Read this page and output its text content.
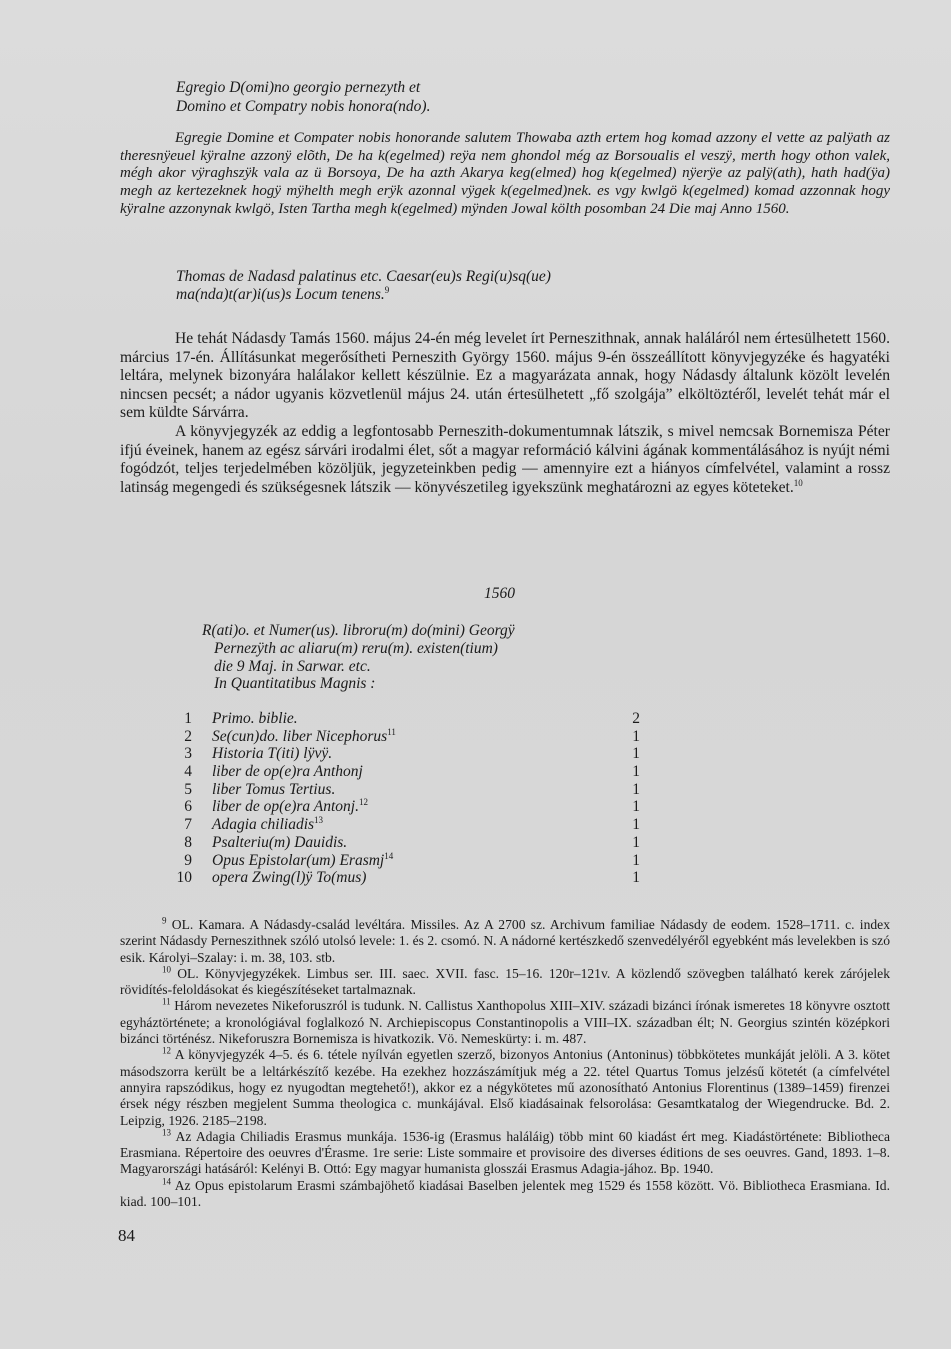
Egregio D(omi)no georgio pernezyth et
Domino et Compatry nobis honora(ndo).

Egregie Domine et Compater nobis honorande salutem Thowaba azth ertem hog komad azzony el vette az palÿath az theresnÿeuel kÿralne azzonÿ elõth, De ha k(egelmed) reÿa nem ghondol még az Borsoualis el veszÿ, merth hogy othon valek, mégh akor vÿraghszÿk vala az ü Borsoya, De ha azth Akarya keg(elmed) hog k(egelmed) nÿerÿe az palÿ(ath), hath had(ÿa) megh az kertezeknek hogÿ mÿhelth megh erÿk azonnal vÿgek k(egelmed)nek. es vgy kwlgö k(egelmed) komad azzonnak hogy kÿralne azzonynak kwlgö, Isten Tartha megh k(egelmed) mÿnden Jowal költh posomban 24 Die maj Anno 1560.

Thomas de Nadasd palatinus etc. Caesar(eu)s Regi(u)sq(ue)
ma(nda)t(ar)i(us)s Locum tenens.$^9$

He tehát Nádasdy Tamás 1560. május 24-én még levelet írt Perneszithnak, annak haláláról nem értesülhetett 1560. március 17-én. Állításunkat megerősítheti Perneszith György 1560. május 9-én összeállított könyvjegyzéke és hagyatéki leltára, melynek bizonyára halálakor kellett készülnie. Ez a magyarázata annak, hogy Nádasdy általunk közölt levelén nincsen pecsét; a nádor ugyanis közvetlenül május 24. után értesülhetett „fő szolgája” elköltöztéről, levelét tehát már el sem küldte Sárvárra.

A könyvjegyzék az eddig a legfontosabb Perneszith-dokumentumnak látszik, s mivel nemcsak Bornemisza Péter ifjú éveinek, hanem az egész sárvári irodalmi élet, sőt a magyar reformáció kálvini ágának kommentálásához is nyújt némi fogódzót, teljes terjedelmében közöljük, jegyzeteinkben pedig — amennyire ezt a hiányos címfelvétel, valamint a rossz latinság megengedi és szükségesnek látszik — könyvészetileg igyekszünk meghatározni az egyes köteteket.$^{10}$

1560
R(ati)o. et Numer(us). libroru(m) do(mini) Georgÿ
Pernezÿth ac aliaru(m) reru(m). existen(tium)
die 9 Maj. in Sarwar. etc.
In Quantitatibus Magnis :
1 Primo. biblie.	2
2 Se(cun)do. liber Nicephorus$^{11}$	1
3 Historia T(iti) lÿvÿ.	1
4 liber de op(e)ra Anthonj	1
5 liber Tomus Tertius.	1
6 liber de op(e)ra Antonj.$^{12}$	1
7 Adagia chiliadis$^{13}$	1
8 Psalteriu(m) Dauidis.	1
9 Opus Epistolar(um) Erasmj$^{14}$	1
10 opera Zwing(l)ÿ To(mus)	1

$^9$ OL. Kamara. A Nádasdy-család levéltára. Missiles. Az A 2700 sz. Archivum familiae Nádasdy de eodem. 1528–1711. c. index szerint Nádasdy Perneszithnek szóló utolsó levele: 1. és 2. csomó. N. A nádorné kertészkedő szenvedélyéről egyebként más levelekben is szó esik. Károlyi–Szalay: i. m. 38, 103. stb.

$^{10}$ OL. Könyvjegyzékek. Limbus ser. III. saec. XVII. fasc. 15–16. 120r–121v. A közlendő szövegben található kerek zárójelek rövidítés-feloldásokat és kiegészítéseket tartalmaznak.

$^{11}$ Három nevezetes Nikeforuszról is tudunk. N. Callistus Xanthopolus XIII–XIV. századi bizánci írónak ismeretes 18 könyvre osztott egyháztörténete; a kronológiával foglalkozó N. Archiepiscopus Constantinopolis a VIII–IX. században élt; N. Georgius szintén középkori bizánci történész. Nikeforuszra Bornemisza is hivatkozik. Vö. Nemeskürty: i. m. 487.

$^{12}$ A könyvjegyzék 4–5. és 6. tétele nyílván egyetlen szerző, bizonyos Antonius (Antoninus) többkötetes munkáját jelöli. A 3. kötet másodszorra került be a leltárkészítő kezébe. Ha ezekhez hozzászámítjuk még a 22. tétel Quartus Tomus jelzésű kötetét (a címfelvétel annyira rapszódikus, hogy ez nyugodtan megtehető!), akkor ez a négykötetes mű azonosítható Antonius Florentinus (1389–1459) firenzei érsek négy részben megjelent Summa theologica c. munkájával. Első kiadásainak felsorolása: Gesamtkatalog der Wiegendrucke. Bd. 2. Leipzig, 1926. 2185–2198.

$^{13}$ Az Adagia Chiliadis Erasmus munkája. 1536-ig (Erasmus haláláig) több mint 60 kiadást ért meg. Kiadástörténete: Bibliotheca Erasmiana. Répertoire des oeuvres d'Érasme. 1re serie: Liste sommaire et provisoire des diverses éditions de ses oeuvres. Gand, 1893. 1–8. Magyarországi hatásáról: Kelényi B. Ottó: Egy magyar humanista glosszái Erasmus Adagia-jához. Bp. 1940.

$^{14}$ Az Opus epistolarum Erasmi számbajöhető kiadásai Baselben jelentek meg 1529 és 1558 között. Vö. Bibliotheca Erasmiana. Id. kiad. 100–101.

84
